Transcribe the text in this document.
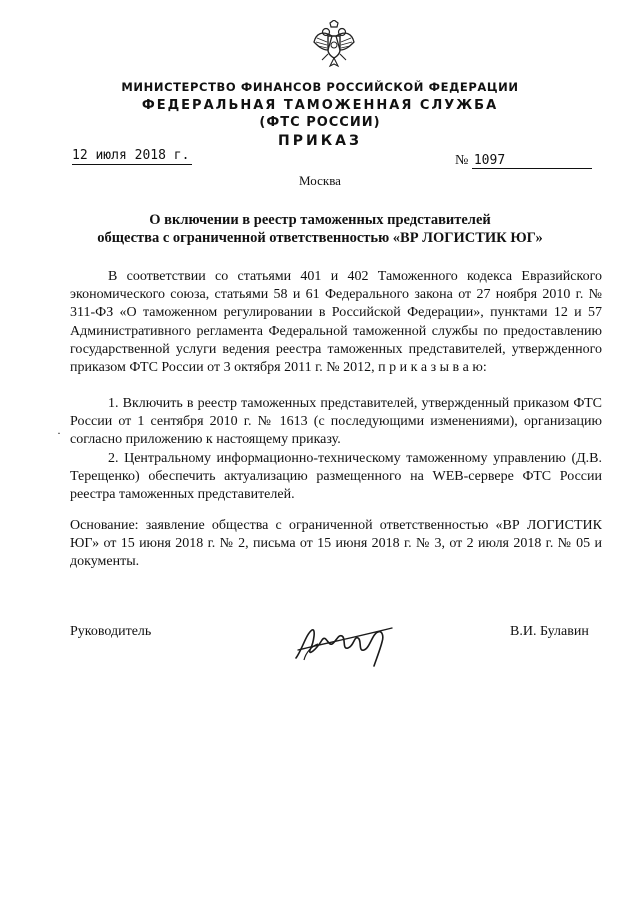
МИНИСТЕРСТВО ФИНАНСОВ РОССИЙСКОЙ ФЕДЕРАЦИИ
ФЕДЕРАЛЬНАЯ ТАМОЖЕННАЯ СЛУЖБА
(ФТС РОССИИ)
ПРИКАЗ
12 июля 2018 г.	№ 1097
Москва
О включении в реестр таможенных представителей
общества с ограниченной ответственностью «ВР ЛОГИСТИК ЮГ»
В соответствии со статьями 401 и 402 Таможенного кодекса Евразийского экономического союза, статьями 58 и 61 Федерального закона от 27 ноября 2010 г. № 311-ФЗ «О таможенном регулировании в Российской Федерации», пунктами 12 и 57 Административного регламента Федеральной таможенной службы по предоставлению государственной услуги ведения реестра таможенных представителей, утвержденного приказом ФТС России от 3 октября 2011 г. № 2012, п р и к а з ы в а ю:
1. Включить в реестр таможенных представителей, утвержденный приказом ФТС России от 1 сентября 2010 г. № 1613 (с последующими изменениями), организацию согласно приложению к настоящему приказу.
·
2. Центральному информационно-техническому таможенному управлению (Д.В. Терещенко) обеспечить актуализацию размещенного на WEB-сервере ФТС России реестра таможенных представителей.
Основание: заявление общества с ограниченной ответственностью «ВР ЛОГИСТИК ЮГ» от 15 июня 2018 г. № 2, письма от 15 июня 2018 г. № 3, от 2 июля 2018 г. № 05 и документы.
Руководитель	В.И. Булавин
